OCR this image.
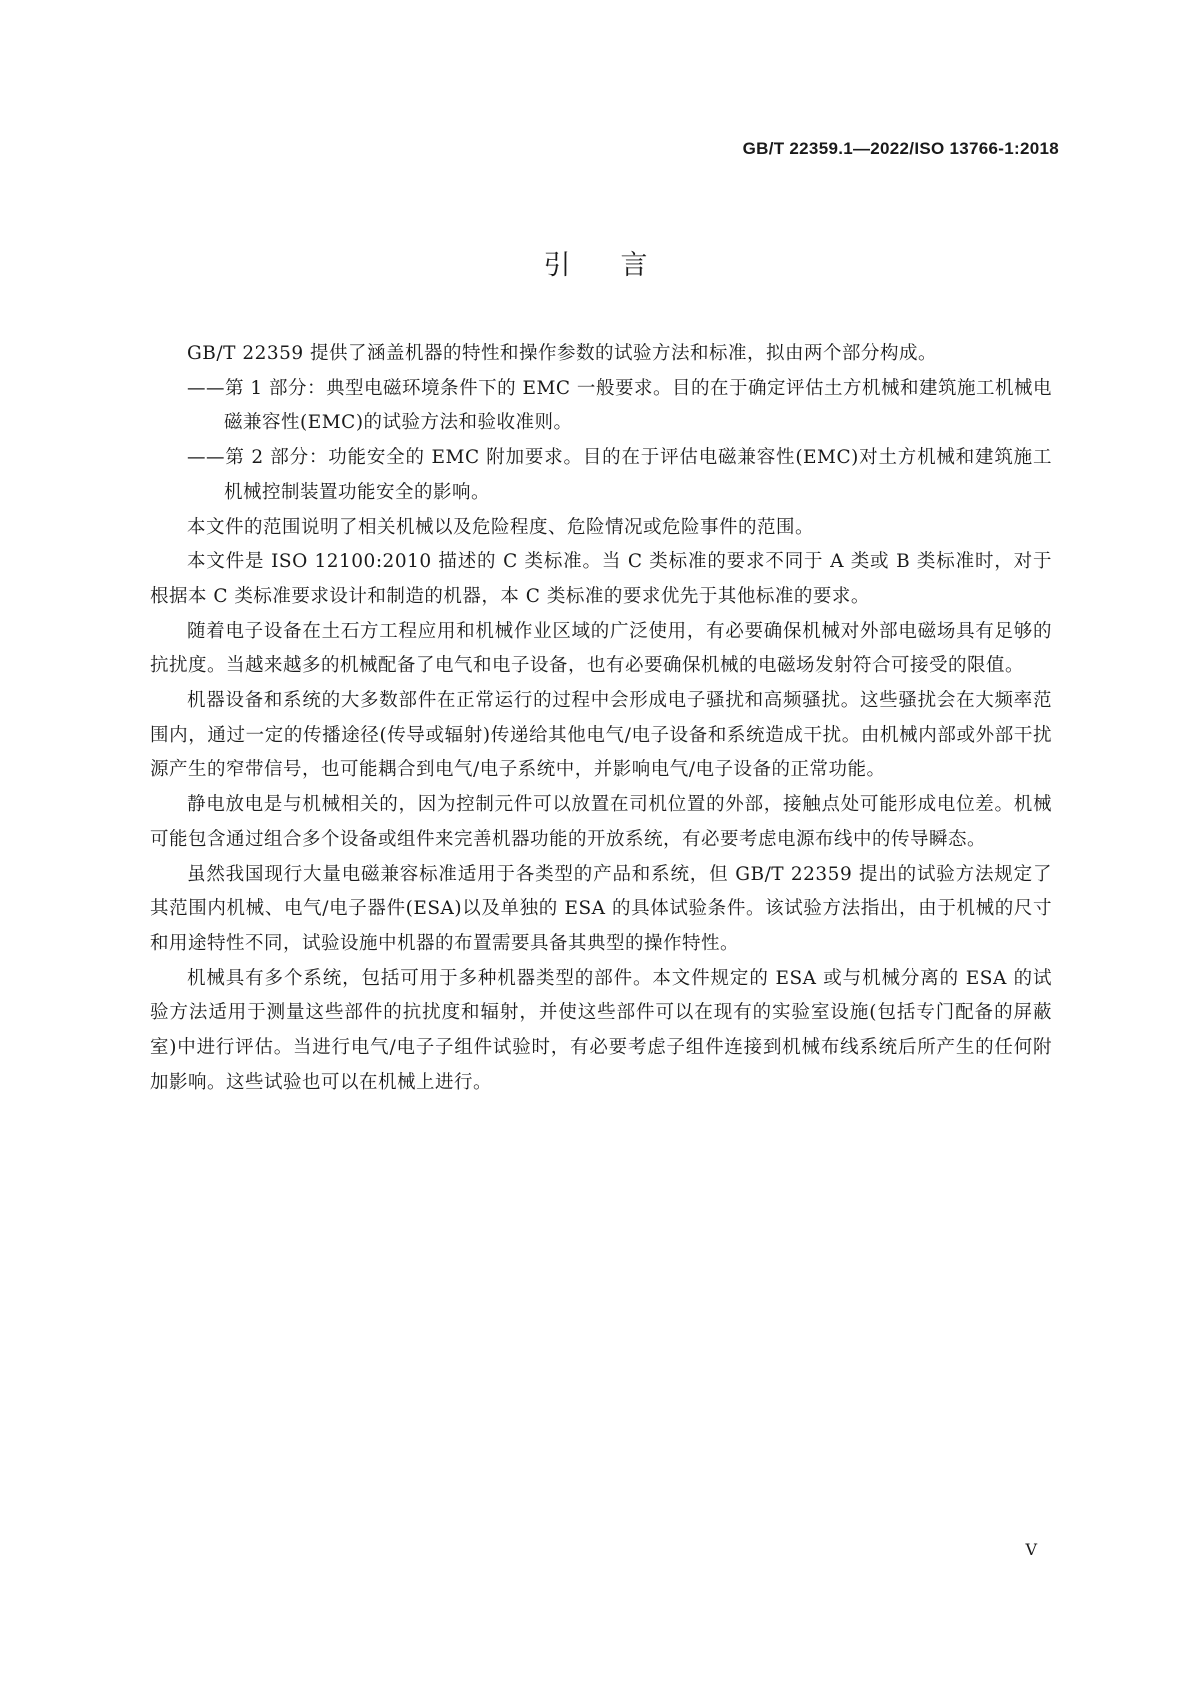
GB/T 22359.1—2022/ISO 13766-1:2018
引言

GB/T 22359 提供了涵盖机器的特性和操作参数的试验方法和标准，拟由两个部分构成。

——第 1 部分：典型电磁环境条件下的 EMC 一般要求。目的在于确定评估土方机械和建筑施工机械电磁兼容性(EMC)的试验方法和验收准则。

——第 2 部分：功能安全的 EMC 附加要求。目的在于评估电磁兼容性(EMC)对土方机械和建筑施工机械控制装置功能安全的影响。

本文件的范围说明了相关机械以及危险程度、危险情况或危险事件的范围。

本文件是 ISO 12100:2010 描述的 C 类标准。当 C 类标准的要求不同于 A 类或 B 类标准时，对于根据本 C 类标准要求设计和制造的机器，本 C 类标准的要求优先于其他标准的要求。

随着电子设备在土石方工程应用和机械作业区域的广泛使用，有必要确保机械对外部电磁场具有足够的抗扰度。当越来越多的机械配备了电气和电子设备，也有必要确保机械的电磁场发射符合可接受的限值。

机器设备和系统的大多数部件在正常运行的过程中会形成电子骚扰和高频骚扰。这些骚扰会在大频率范围内，通过一定的传播途径(传导或辐射)传递给其他电气/电子设备和系统造成干扰。由机械内部或外部干扰源产生的窄带信号，也可能耦合到电气/电子系统中，并影响电气/电子设备的正常功能。

静电放电是与机械相关的，因为控制元件可以放置在司机位置的外部，接触点处可能形成电位差。机械可能包含通过组合多个设备或组件来完善机器功能的开放系统，有必要考虑电源布线中的传导瞬态。

虽然我国现行大量电磁兼容标准适用于各类型的产品和系统，但 GB/T 22359 提出的试验方法规定了其范围内机械、电气/电子器件(ESA)以及单独的 ESA 的具体试验条件。该试验方法指出，由于机械的尺寸和用途特性不同，试验设施中机器的布置需要具备其典型的操作特性。

机械具有多个系统，包括可用于多种机器类型的部件。本文件规定的 ESA 或与机械分离的 ESA 的试验方法适用于测量这些部件的抗扰度和辐射，并使这些部件可以在现有的实验室设施(包括专门配备的屏蔽室)中进行评估。当进行电气/电子子组件试验时，有必要考虑子组件连接到机械布线系统后所产生的任何附加影响。这些试验也可以在机械上进行。

V
